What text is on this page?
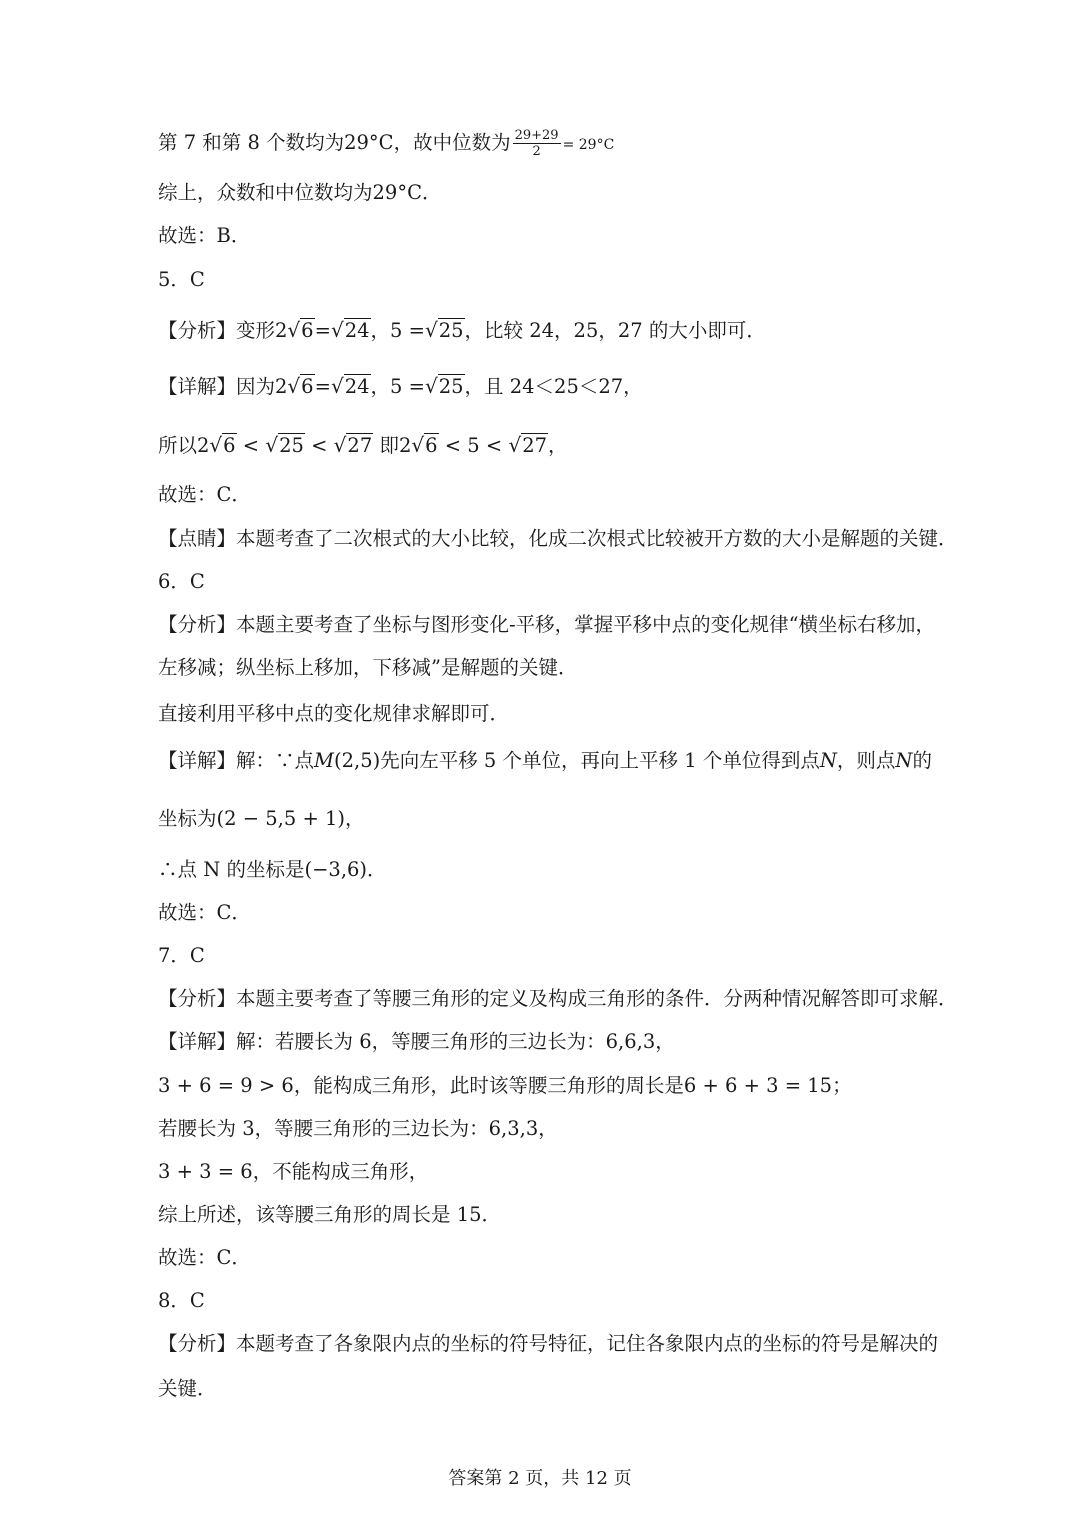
第 7 和第 8 个数均为29°C，故中位数为 $\frac{29+29}{2} = 29^\circ C$
综上，众数和中位数均为29°C．
故选：B．
5．C
【分析】变形2√6=√24，5 =√25，比较 24，25，27 的大小即可．
【详解】因为2√6=√24，5 =√25，且 24＜25＜27，
所以2√6 < √25 < √27 即2√6 < 5 < √27，
故选：C．
【点睛】本题考查了二次根式的大小比较，化成二次根式比较被开方数的大小是解题的关键．
6．C
【分析】本题主要考查了坐标与图形变化-平移，掌握平移中点的变化规律“横坐标右移加，
左移减；纵坐标上移加，下移减”是解题的关键．
直接利用平移中点的变化规律求解即可．
【详解】解：∵点M(2,5)先向左平移 5 个单位，再向上平移 1 个单位得到点N，则点N的
坐标为(2 − 5,5 + 1)，
∴点 N 的坐标是(−3,6)．
故选：C．
7．C
【分析】本题主要考查了等腰三角形的定义及构成三角形的条件．分两种情况解答即可求解．
【详解】解：若腰长为 6，等腰三角形的三边长为：6,6,3，
3 + 6 = 9 > 6，能构成三角形，此时该等腰三角形的周长是6 + 6 + 3 = 15；
若腰长为 3，等腰三角形的三边长为：6,3,3，
3 + 3 = 6，不能构成三角形，
综上所述，该等腰三角形的周长是 15．
故选：C．
8．C
【分析】本题考查了各象限内点的坐标的符号特征，记住各象限内点的坐标的符号是解决的
关键．
答案第 2 页，共 12 页
